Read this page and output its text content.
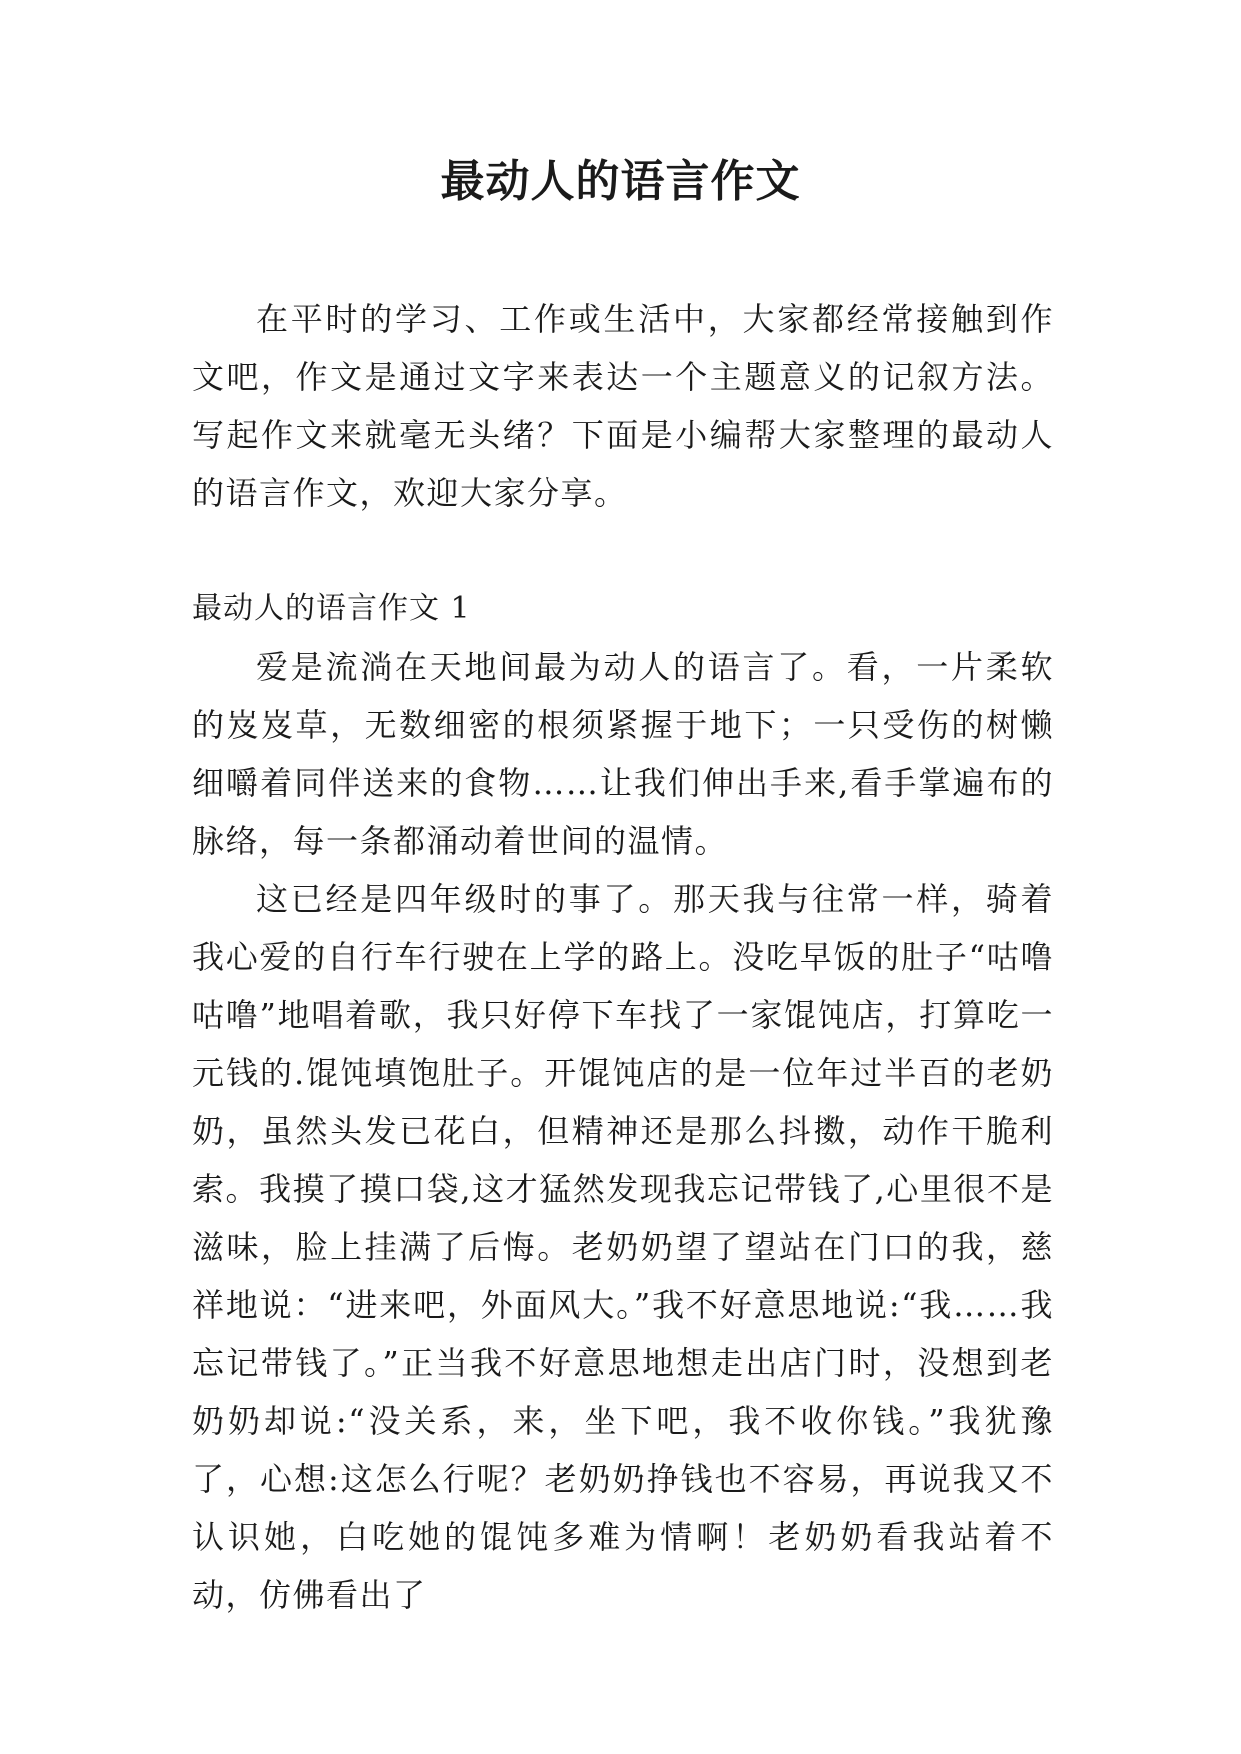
最动人的语言作文

在平时的学习、工作或生活中，大家都经常接触到作文吧，作文是通过文字来表达一个主题意义的记叙方法。写起作文来就毫无头绪？下面是小编帮大家整理的最动人的语言作文，欢迎大家分享。

最动人的语言作文 1

爱是流淌在天地间最为动人的语言了。看，一片柔软的岌岌草，无数细密的根须紧握于地下；一只受伤的树懒细嚼着同伴送来的食物……让我们伸出手来,看手掌遍布的脉络，每一条都涌动着世间的温情。

这已经是四年级时的事了。那天我与往常一样，骑着我心爱的自行车行驶在上学的路上。没吃早饭的肚子“咕噜咕噜”地唱着歌，我只好停下车找了一家馄饨店，打算吃一元钱的.馄饨填饱肚子。开馄饨店的是一位年过半百的老奶奶，虽然头发已花白，但精神还是那么抖擞，动作干脆利索。我摸了摸口袋,这才猛然发现我忘记带钱了,心里很不是滋味，脸上挂满了后悔。老奶奶望了望站在门口的我，慈祥地说：“进来吧，外面风大。”我不好意思地说:“我……我忘记带钱了。”正当我不好意思地想走出店门时，没想到老奶奶却说:“没关系，来，坐下吧，我不收你钱。”我犹豫了，心想:这怎么行呢？老奶奶挣钱也不容易，再说我又不认识她，白吃她的馄饨多难为情啊！老奶奶看我站着不动，仿佛看出了
